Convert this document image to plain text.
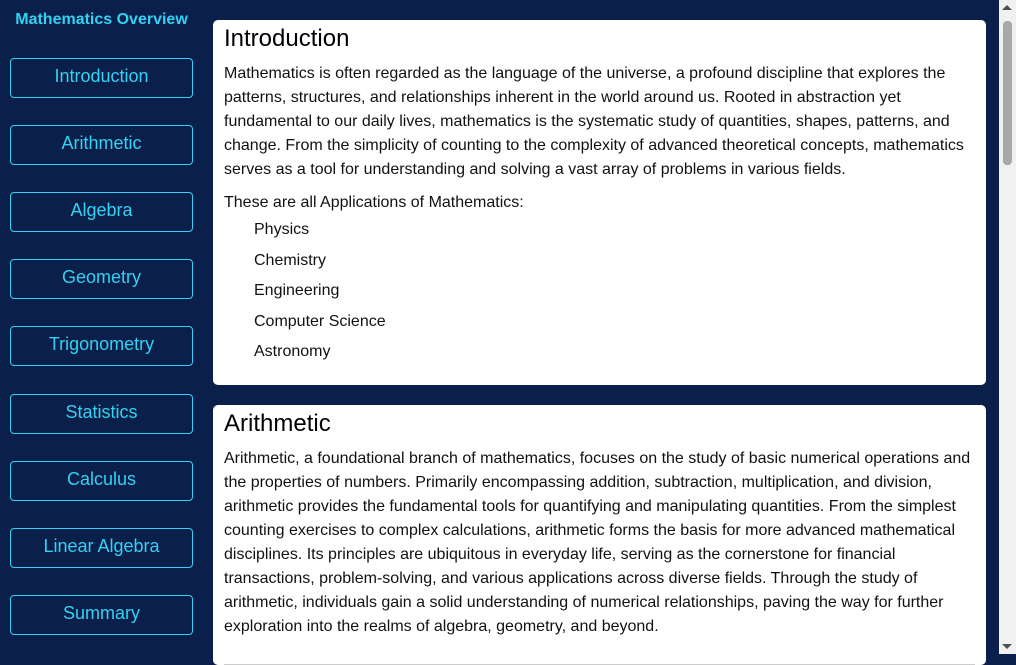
Mathematics Overview
Introduction
Arithmetic
Algebra
Geometry
Trigonometry
Statistics
Calculus
Linear Algebra
Summary
Introduction

Mathematics is often regarded as the language of the universe, a profound discipline that explores the patterns, structures, and relationships inherent in the world around us. Rooted in abstraction yet fundamental to our daily lives, mathematics is the systematic study of quantities, shapes, patterns, and change. From the simplicity of counting to the complexity of advanced theoretical concepts, mathematics serves as a tool for understanding and solving a vast array of problems in various fields.

These are all Applications of Mathematics:

Physics
Chemistry
Engineering
Computer Science
Astronomy
Arithmetic

Arithmetic, a foundational branch of mathematics, focuses on the study of basic numerical operations and the properties of numbers. Primarily encompassing addition, subtraction, multiplication, and division, arithmetic provides the fundamental tools for quantifying and manipulating quantities. From the simplest counting exercises to complex calculations, arithmetic forms the basis for more advanced mathematical disciplines. Its principles are ubiquitous in everyday life, serving as the cornerstone for financial transactions, problem-solving, and various applications across diverse fields. Through the study of arithmetic, individuals gain a solid understanding of numerical relationships, paving the way for further exploration into the realms of algebra, geometry, and beyond.
